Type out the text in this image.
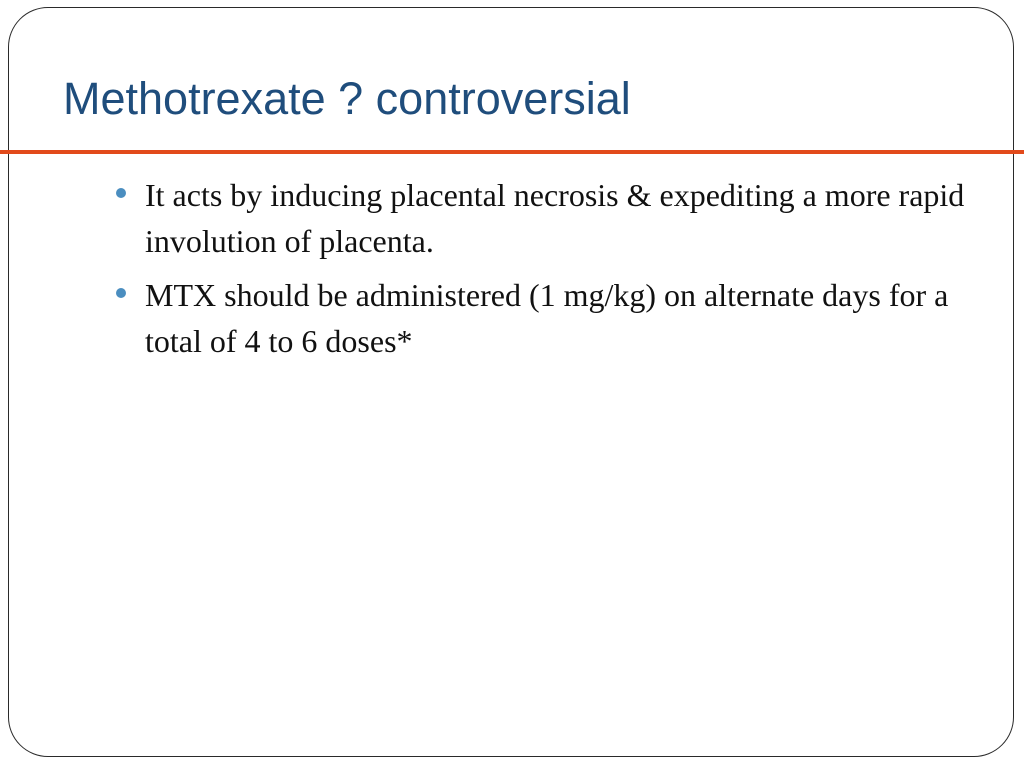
Methotrexate ? controversial
It acts by inducing placental necrosis & expediting a more rapid involution of placenta.
MTX should be administered (1 mg/kg) on alternate days for a total of 4 to 6 doses*
